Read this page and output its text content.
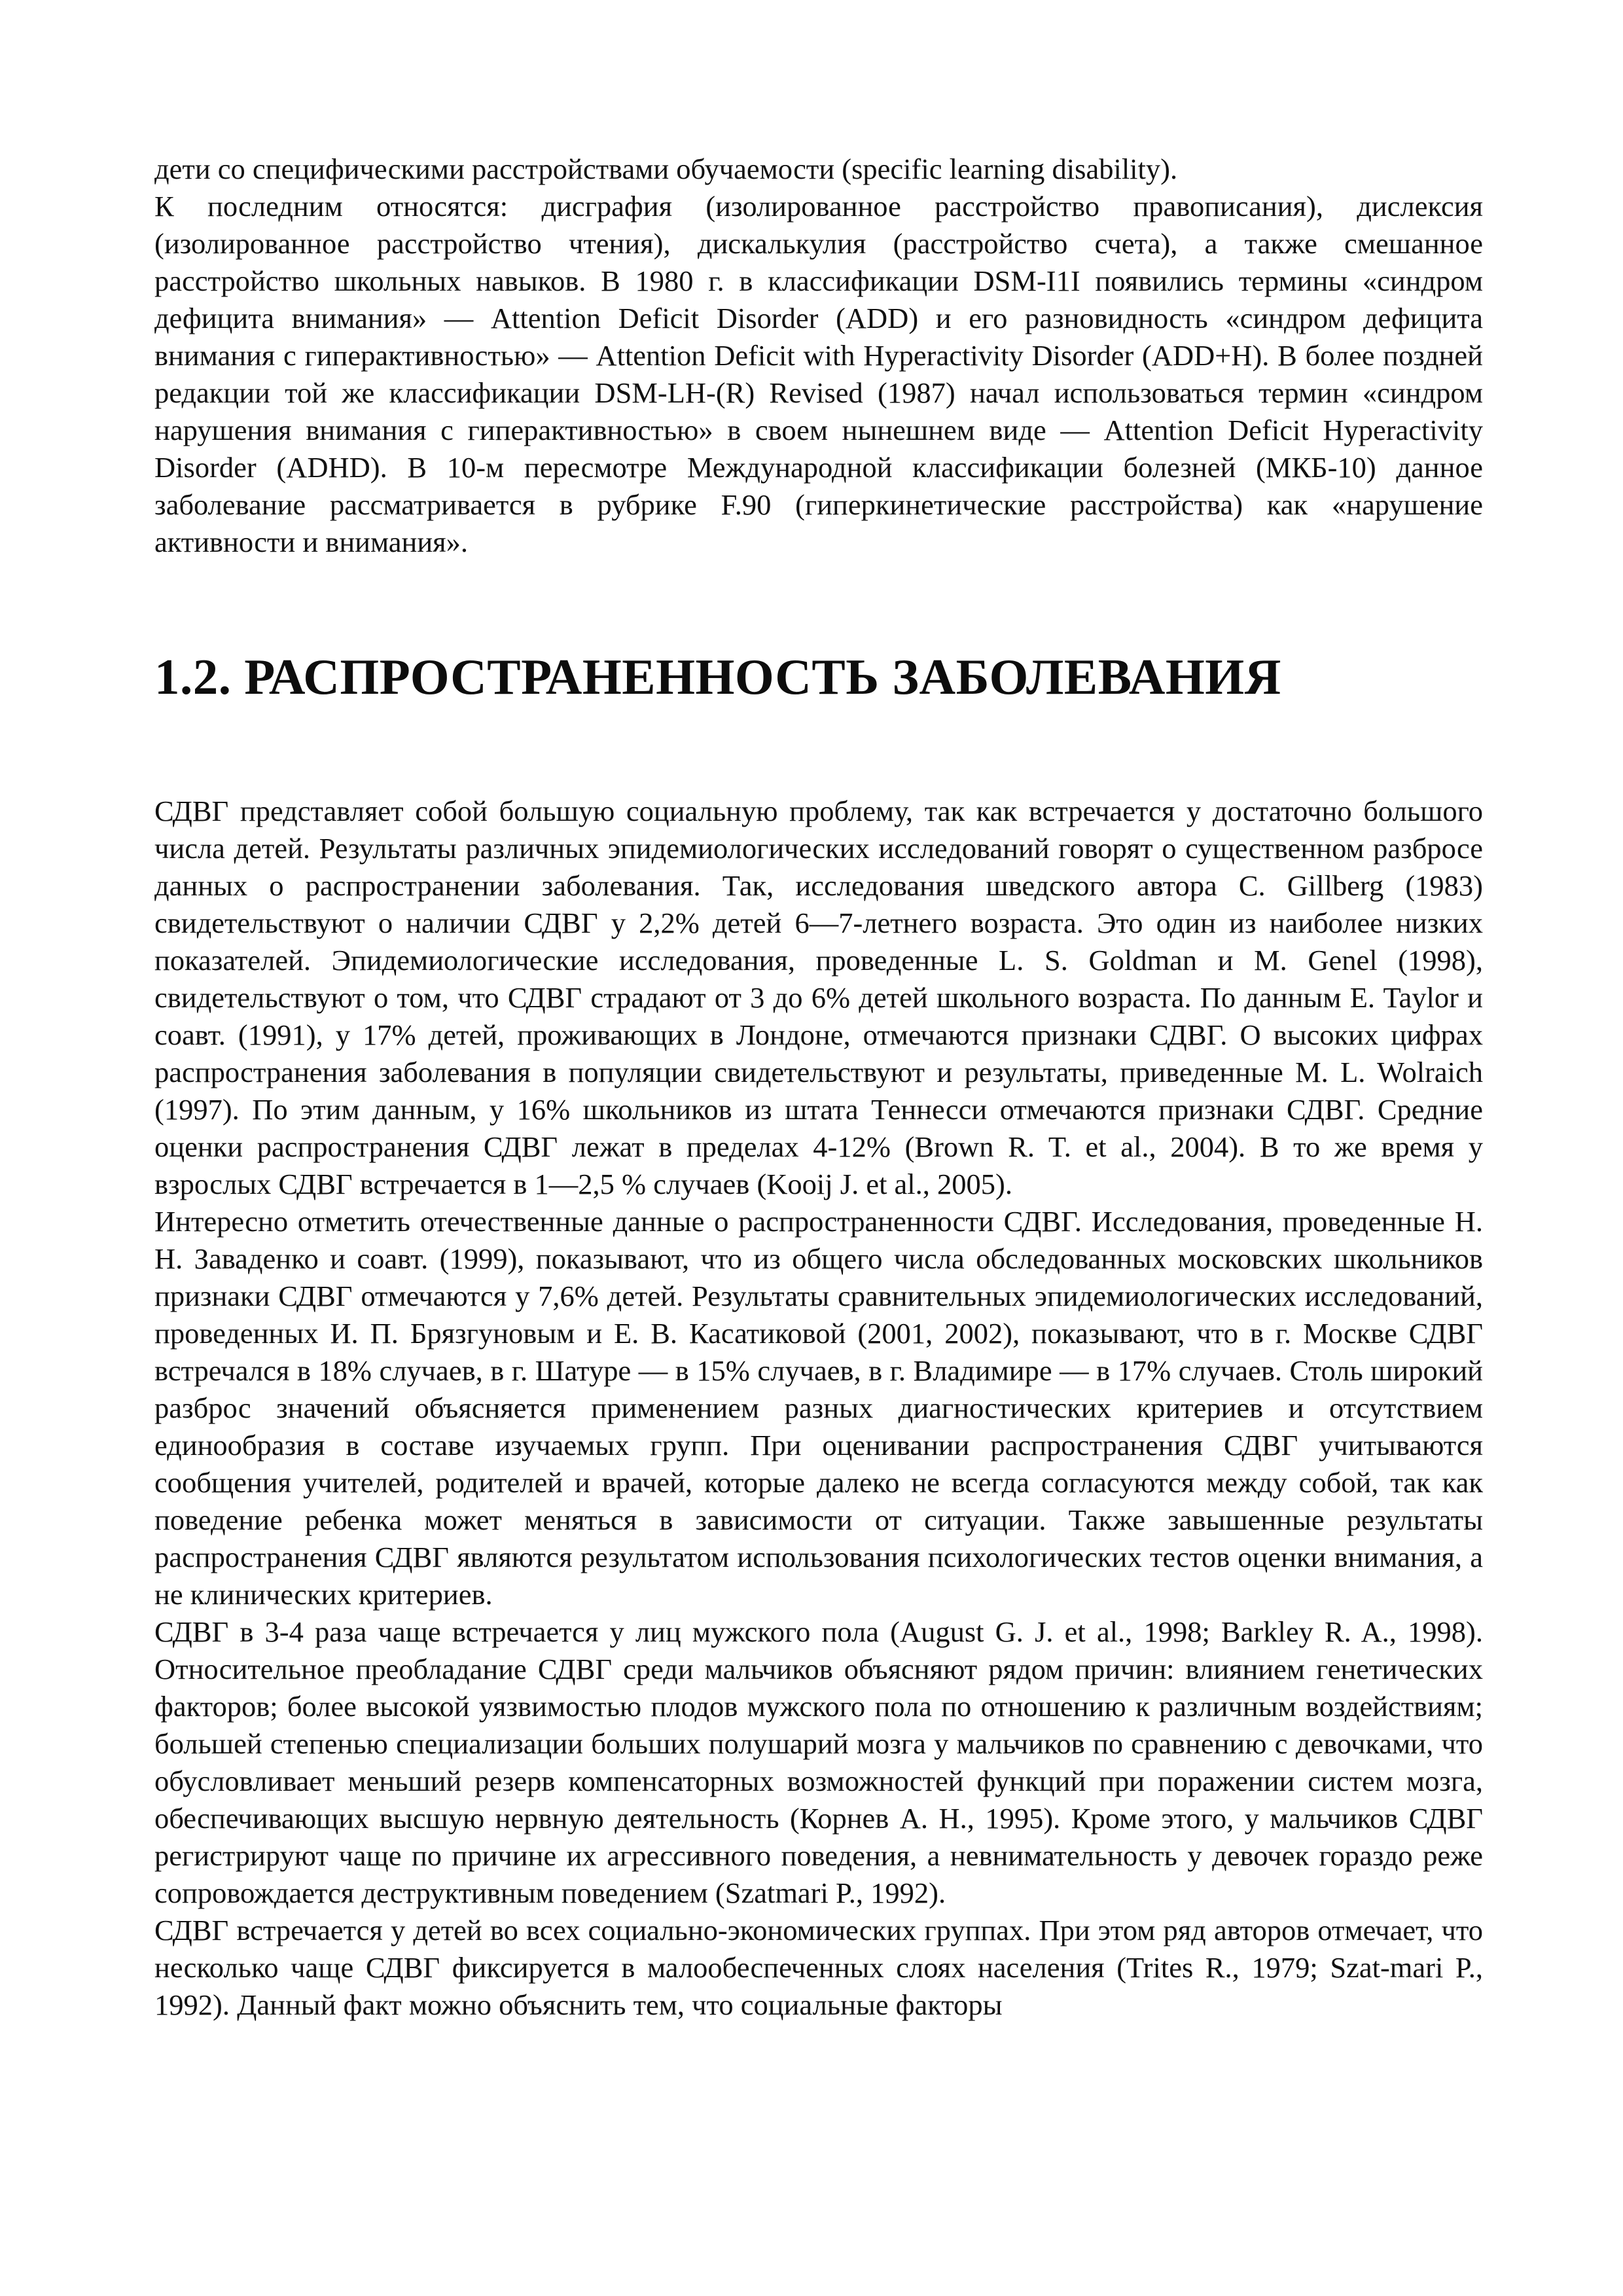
дети со специфическими расстройствами обучаемости (specific learning disability).

К последним относятся: дисграфия (изолированное расстройство правописания), дислексия (изолированное расстройство чтения), дискалькулия (расстройство счета), а также смешанное расстройство школьных навыков. В 1980 г. в классификации DSM-I1I появились термины «синдром дефицита внимания» — Attention Deficit Disorder (ADD) и его разновидность «синдром дефицита внимания с гиперактивностью» — Attention Deficit with Hyperactivity Disorder (ADD+H). В более поздней редакции той же классификации DSM-LH-(R) Revised (1987) начал использоваться термин «синдром нарушения внимания с гиперактивностью» в своем нынешнем виде — Attention Deficit Hyperactivity Disorder (ADHD). В 10-м пересмотре Международной классификации болезней (МКБ-10) данное заболевание рассматривается в рубрике F.90 (гиперкинетические расстройства) как «нарушение активности и внимания».

1.2. РАСПРОСТРАНЕННОСТЬ ЗАБОЛЕВАНИЯ

СДВГ представляет собой большую социальную проблему, так как встречается у достаточно большого числа детей. Результаты различных эпидемиологических исследований говорят о существенном разбросе данных о распространении заболевания. Так, исследования шведского автора C. Gillberg (1983) свидетельствуют о наличии СДВГ у 2,2% детей 6—7-летнего возраста. Это один из наиболее низких показателей. Эпидемиологические исследования, проведенные L. S. Goldman и M. Genel (1998), свидетельствуют о том, что СДВГ страдают от 3 до 6% детей школьного возраста. По данным E. Taylor и соавт. (1991), у 17% детей, проживающих в Лондоне, отмечаются признаки СДВГ. О высоких цифрах распространения заболевания в популяции свидетельствуют и результаты, приведенные M. L. Wolraich (1997). По этим данным, у 16% школьников из штата Теннесси отмечаются признаки СДВГ. Средние оценки распространения СДВГ лежат в пределах 4-12% (Brown R. T. et al., 2004). В то же время у взрослых СДВГ встречается в 1—2,5 % случаев (Kooij J. et al., 2005).

Интересно отметить отечественные данные о распространенности СДВГ. Исследования, проведенные Н. Н. Заваденко и соавт. (1999), показывают, что из общего числа обследованных московских школьников признаки СДВГ отмечаются у 7,6% детей. Результаты сравнительных эпидемиологических исследований, проведенных И. П. Брязгуновым и Е. В. Касатиковой (2001, 2002), показывают, что в г. Москве СДВГ встречался в 18% случаев, в г. Шатуре — в 15% случаев, в г. Владимире — в 17% случаев. Столь широкий разброс значений объясняется применением разных диагностических критериев и отсутствием единообразия в составе изучаемых групп. При оценивании распространения СДВГ учитываются сообщения учителей, родителей и врачей, которые далеко не всегда согласуются между собой, так как поведение ребенка может меняться в зависимости от ситуации. Также завышенные результаты распространения СДВГ являются результатом использования психологических тестов оценки внимания, а не клинических критериев.

СДВГ в 3-4 раза чаще встречается у лиц мужского пола (August G. J. et al., 1998; Barkley R. A., 1998). Относительное преобладание СДВГ среди мальчиков объясняют рядом причин: влиянием генетических факторов; более высокой уязвимостью плодов мужского пола по отношению к различным воздействиям; большей степенью специализации больших полушарий мозга у мальчиков по сравнению с девочками, что обусловливает меньший резерв компенсаторных возможностей функций при поражении систем мозга, обеспечивающих высшую нервную деятельность (Корнев А. Н., 1995). Кроме этого, у мальчиков СДВГ регистрируют чаще по причине их агрессивного поведения, а невнимательность у девочек гораздо реже сопровождается деструктивным поведением (Szatmari P., 1992).

СДВГ встречается у детей во всех социально-экономических группах. При этом ряд авторов отмечает, что несколько чаще СДВГ фиксируется в малообеспеченных слоях населения (Trites R., 1979; Szat-mari P., 1992). Данный факт можно объяснить тем, что социальные факторы
